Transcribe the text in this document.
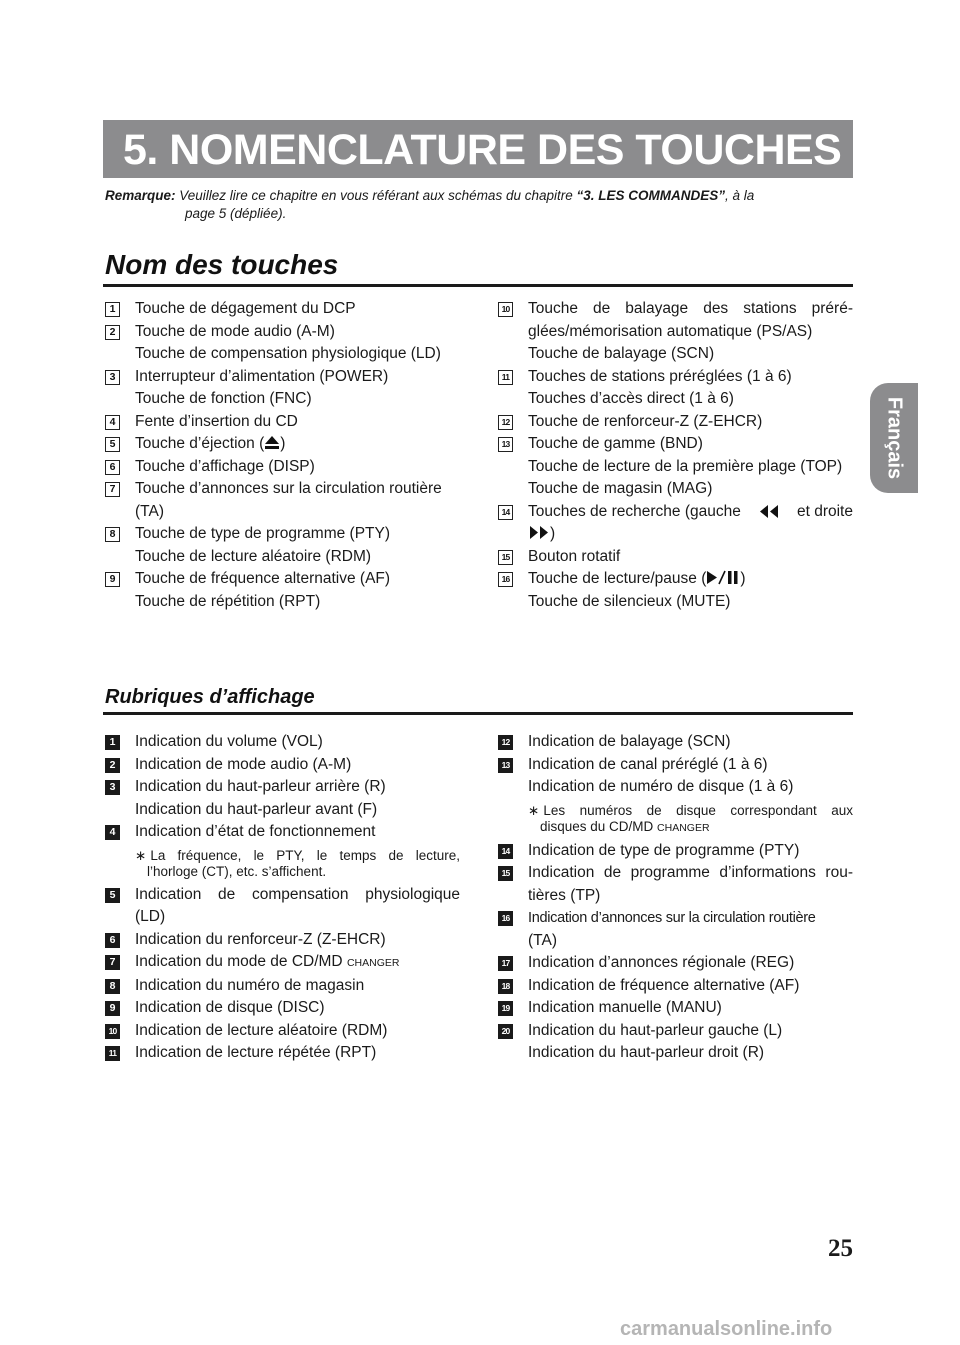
5. NOMENCLATURE DES TOUCHES
Remarque: Veuillez lire ce chapitre en vous référant aux schémas du chapitre “3. LES COMMANDES”, à la
page 5 (dépliée).
Nom des touches
1 Touche de dégagement du DCP
2 Touche de mode audio (A-M)
Touche de compensation physiologique (LD)
3 Interrupteur d’alimentation (POWER)
Touche de fonction (FNC)
4 Fente d’insertion du CD
5 Touche d’éjection ( )
6 Touche d’affichage (DISP)
7 Touche d’annonces sur la circulation routière
(TA)
8 Touche de type de programme (PTY)
Touche de lecture aléatoire (RDM)
9 Touche de fréquence alternative (AF)
Touche de répétition (RPT)
10 Touche de balayage des stations préré-
glées/mémorisation automatique (PS/AS)
Touche de balayage (SCN)
11 Touches de stations préréglées (1 à 6)
Touches d’accès direct (1 à 6)
12 Touche de renforceur-Z (Z-EHCR)
13 Touche de gamme (BND)
Touche de lecture de la première plage (TOP)
Touche de magasin (MAG)
14 Touches de recherche (gauche	et droite
)
15 Bouton rotatif
16 Touche de lecture/pause ( )
Touche de silencieux (MUTE)
Rubriques d’affichage
1 Indication du volume (VOL)
2 Indication de mode audio (A-M)
3 Indication du haut-parleur arrière (R)
Indication du haut-parleur avant (F)
4 Indication d’état de fonctionnement
∗ La fréquence, le PTY, le temps de lecture,
l’horloge (CT), etc. s’affichent.
5 Indication de compensation physiologique
(LD)
6 Indication du renforceur-Z (Z-EHCR)
7 Indication du mode de CD/MD CHANGER
8 Indication du numéro de magasin
9 Indication de disque (DISC)
10 Indication de lecture aléatoire (RDM)
11 Indication de lecture répétée (RPT)
12 Indication de balayage (SCN)
13 Indication de canal préréglé (1 à 6)
Indication de numéro de disque (1 à 6)
∗ Les numéros de disque correspondant aux
disques du CD/MD CHANGER
14 Indication de type de programme (PTY)
15 Indication de programme d’informations rou-
tières (TP)
16 Indication d’annonces sur la circulation routière
(TA)
17 Indication d’annonces régionale (REG)
18 Indication de fréquence alternative (AF)
19 Indication manuelle (MANU)
20 Indication du haut-parleur gauche (L)
Indication du haut-parleur droit (R)
Français
25
carmanualsonline.info
